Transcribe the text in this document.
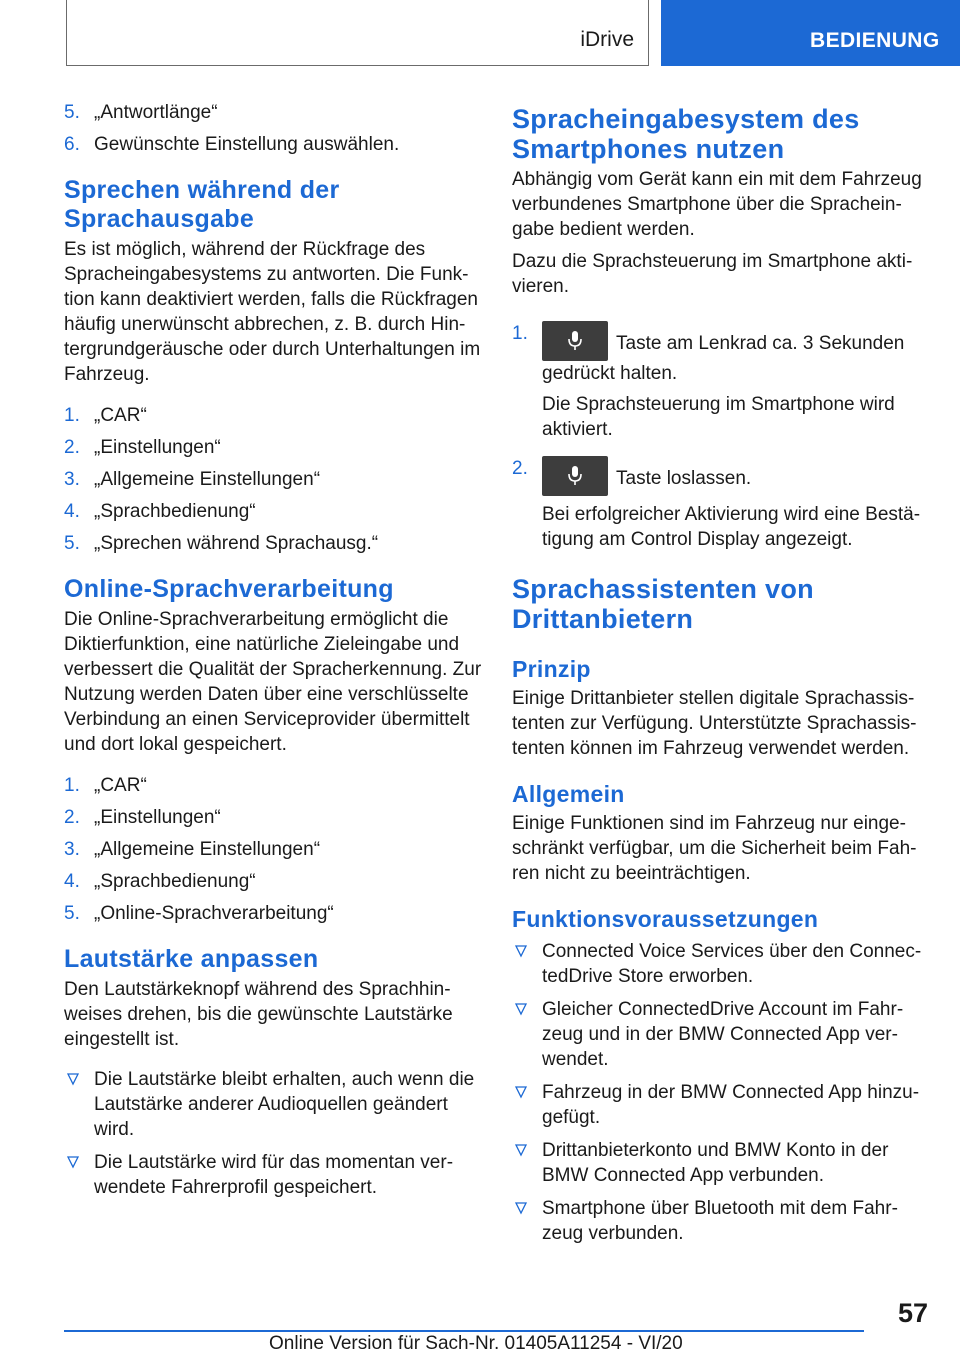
iDrive	BEDIENUNG
5. „Antwortlänge“
6. Gewünschte Einstellung auswählen.
Sprechen während der Sprachausgabe
Es ist möglich, während der Rückfrage des Spracheingabesystems zu antworten. Die Funktion kann deaktiviert werden, falls die Rückfragen häufig unerwünscht abbrechen, z. B. durch Hintergrundgeräusche oder durch Unterhaltungen im Fahrzeug.
1. „CAR“
2. „Einstellungen“
3. „Allgemeine Einstellungen“
4. „Sprachbedienung“
5. „Sprechen während Sprachausg.“
Online-Sprachverarbeitung
Die Online-Sprachverarbeitung ermöglicht die Diktierfunktion, eine natürliche Zieleingabe und verbessert die Qualität der Spracherkennung. Zur Nutzung werden Daten über eine verschlüsselte Verbindung an einen Serviceprovider übermittelt und dort lokal gespeichert.
1. „CAR“
2. „Einstellungen“
3. „Allgemeine Einstellungen“
4. „Sprachbedienung“
5. „Online-Sprachverarbeitung“
Lautstärke anpassen
Den Lautstärkeknopf während des Sprachhinweises drehen, bis die gewünschte Lautstärke eingestellt ist.
Die Lautstärke bleibt erhalten, auch wenn die Lautstärke anderer Audioquellen geändert wird.
Die Lautstärke wird für das momentan verwendete Fahrerprofil gespeichert.
Spracheingabesystem des Smartphones nutzen
Abhängig vom Gerät kann ein mit dem Fahrzeug verbundenes Smartphone über die Spracheingabe bedient werden.
Dazu die Sprachsteuerung im Smartphone aktivieren.
1.	Taste am Lenkrad ca. 3 Sekunden gedrückt halten.
Die Sprachsteuerung im Smartphone wird aktiviert.
2.	Taste loslassen.
Bei erfolgreicher Aktivierung wird eine Bestätigung am Control Display angezeigt.
Sprachassistenten von Drittanbietern
Prinzip
Einige Drittanbieter stellen digitale Sprachassistenten zur Verfügung. Unterstützte Sprachassistenten können im Fahrzeug verwendet werden.
Allgemein
Einige Funktionen sind im Fahrzeug nur eingeschränkt verfügbar, um die Sicherheit beim Fahren nicht zu beeinträchtigen.
Funktionsvoraussetzungen
Connected Voice Services über den ConnectedDrive Store erworben.
Gleicher ConnectedDrive Account im Fahrzeug und in der BMW Connected App verwendet.
Fahrzeug in der BMW Connected App hinzugefügt.
Drittanbieterkonto und BMW Konto in der BMW Connected App verbunden.
Smartphone über Bluetooth mit dem Fahrzeug verbunden.
57
Online Version für Sach-Nr. 01405A11254 - VI/20
